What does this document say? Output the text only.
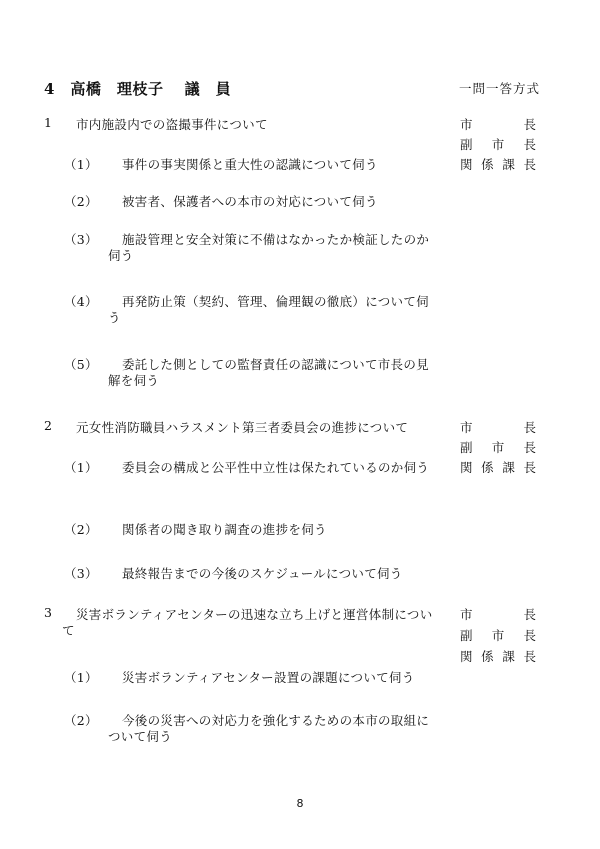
4　高橋　理枝子　 議　員	一問一答方式
1 市内施設内での盗撮事件について	市	長
副 市 長
関 係 課 長
（1） 事件の事実関係と重大性の認識について伺う
（2） 被害者、保護者への本市の対応について伺う
（3） 施設管理と安全対策に不備はなかったか検証したのか
伺う
（4） 再発防止策（契約、管理、倫理観の徹底）について伺
う
（5） 委託した側としての監督責任の認識について市長の見
解を伺う
2 元女性消防職員ハラスメント第三者委員会の進捗について	市	長
副 市 長
関 係 課 長
（1） 委員会の構成と公平性中立性は保たれているのか伺う
（2） 関係者の聞き取り調査の進捗を伺う
（3） 最終報告までの今後のスケジュールについて伺う
3 災害ボランティアセンターの迅速な立ち上げと運営体制につい
て
市	長
副 市 長
関 係 課 長
（1） 災害ボランティアセンター設置の課題について伺う
（2） 今後の災害への対応力を強化するための本市の取組に
ついて伺う
8
